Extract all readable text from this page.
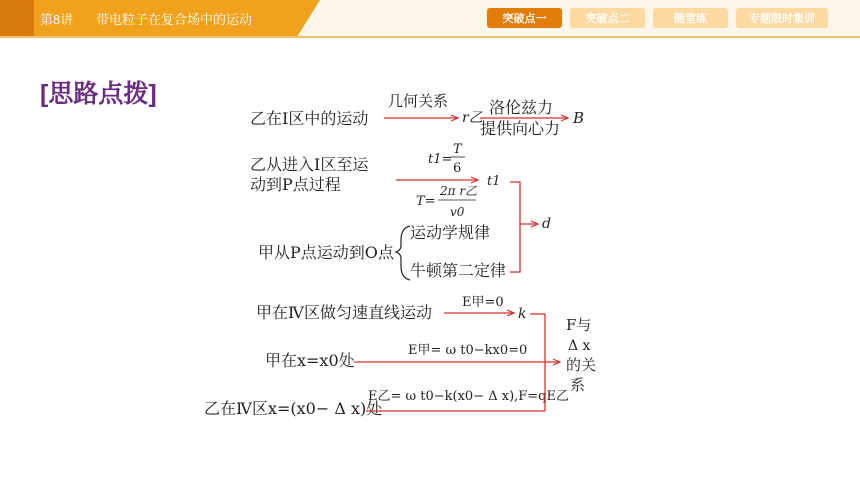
第8讲 带电粒子在复合场中的运动	突破点一	突破点二	随堂练	专题限时集训
[思路点拨]
乙在Ⅰ区中的运动
几何关系
r乙
洛伦兹力
提供向心力
B
乙从进入Ⅰ区至运
动到P点过程
t1=
T
6
t1
T=
2π r乙
v0
d
甲从P点运动到O点
运动学规律
牛顿第二定律
甲在Ⅳ区做匀速直线运动
E甲=0
k
甲在x=x0处
E甲= ω t0−kx0=0
乙在Ⅳ区x=(x0− Δ x)处
E乙= ω t0−k(x0− Δ x),F=qE乙
F与
Δ x
的关
系
